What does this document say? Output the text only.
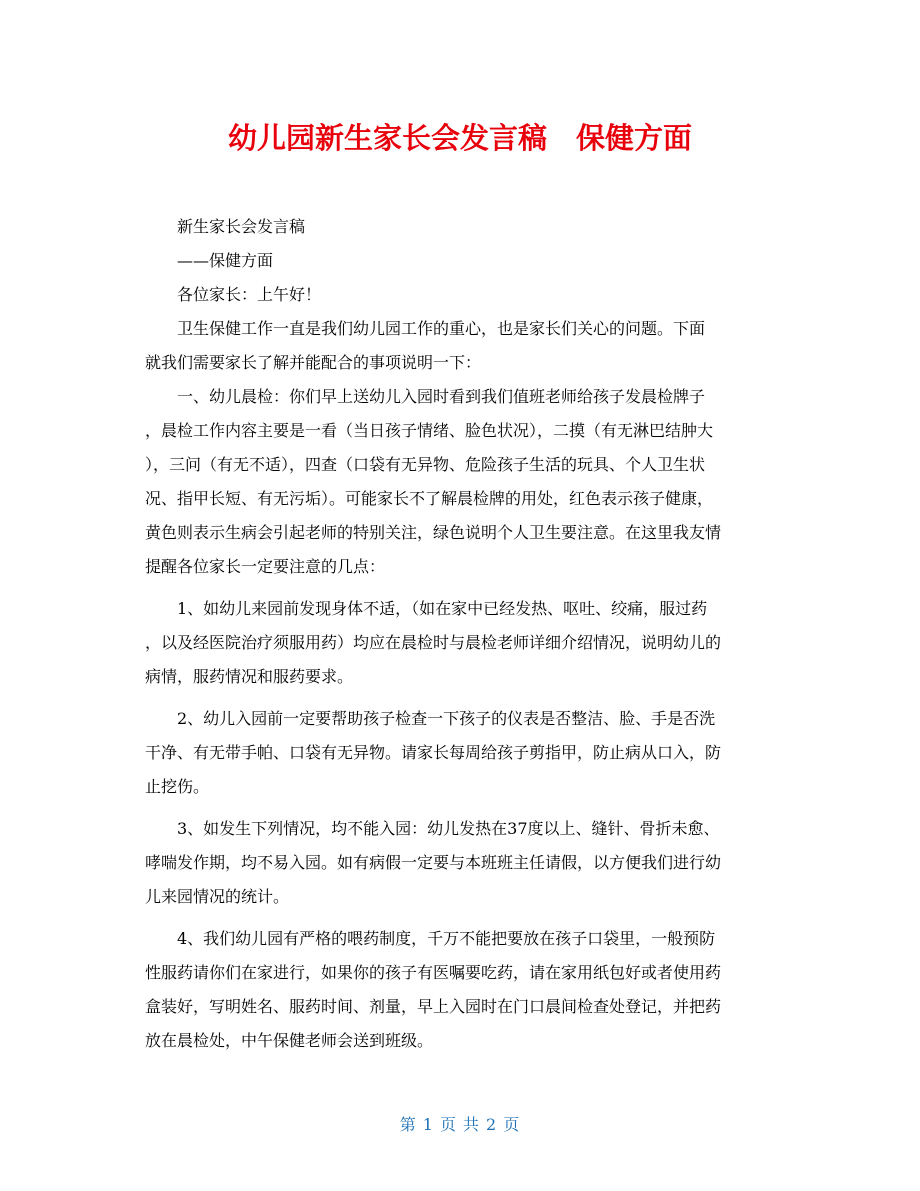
幼儿园新生家长会发言稿　保健方面
新生家长会发言稿
——保健方面
各位家长：上午好！
卫生保健工作一直是我们幼儿园工作的重心，也是家长们关心的问题。下面
就我们需要家长了解并能配合的事项说明一下：
一、幼儿晨检：你们早上送幼儿入园时看到我们值班老师给孩子发晨检牌子
，晨检工作内容主要是一看（当日孩子情绪、脸色状况），二摸（有无淋巴结肿大
），三问（有无不适），四查（口袋有无异物、危险孩子生活的玩具、个人卫生状
况、指甲长短、有无污垢）。可能家长不了解晨检牌的用处，红色表示孩子健康，
黄色则表示生病会引起老师的特别关注，绿色说明个人卫生要注意。在这里我友情
提醒各位家长一定要注意的几点：
1、如幼儿来园前发现身体不适，（如在家中已经发热、呕吐、绞痛，服过药
，以及经医院治疗须服用药）均应在晨检时与晨检老师详细介绍情况，说明幼儿的
病情，服药情况和服药要求。
2、幼儿入园前一定要帮助孩子检查一下孩子的仪表是否整洁、脸、手是否洗
干净、有无带手帕、口袋有无异物。请家长每周给孩子剪指甲，防止病从口入，防
止挖伤。
3、如发生下列情况，均不能入园：幼儿发热在37度以上、缝针、骨折未愈、
哮喘发作期，均不易入园。如有病假一定要与本班班主任请假，以方便我们进行幼
儿来园情况的统计。
4、我们幼儿园有严格的喂药制度，千万不能把要放在孩子口袋里，一般预防
性服药请你们在家进行，如果你的孩子有医嘱要吃药，请在家用纸包好或者使用药
盒装好，写明姓名、服药时间、剂量，早上入园时在门口晨间检查处登记，并把药
放在晨检处，中午保健老师会送到班级。
第 1 页 共 2 页
